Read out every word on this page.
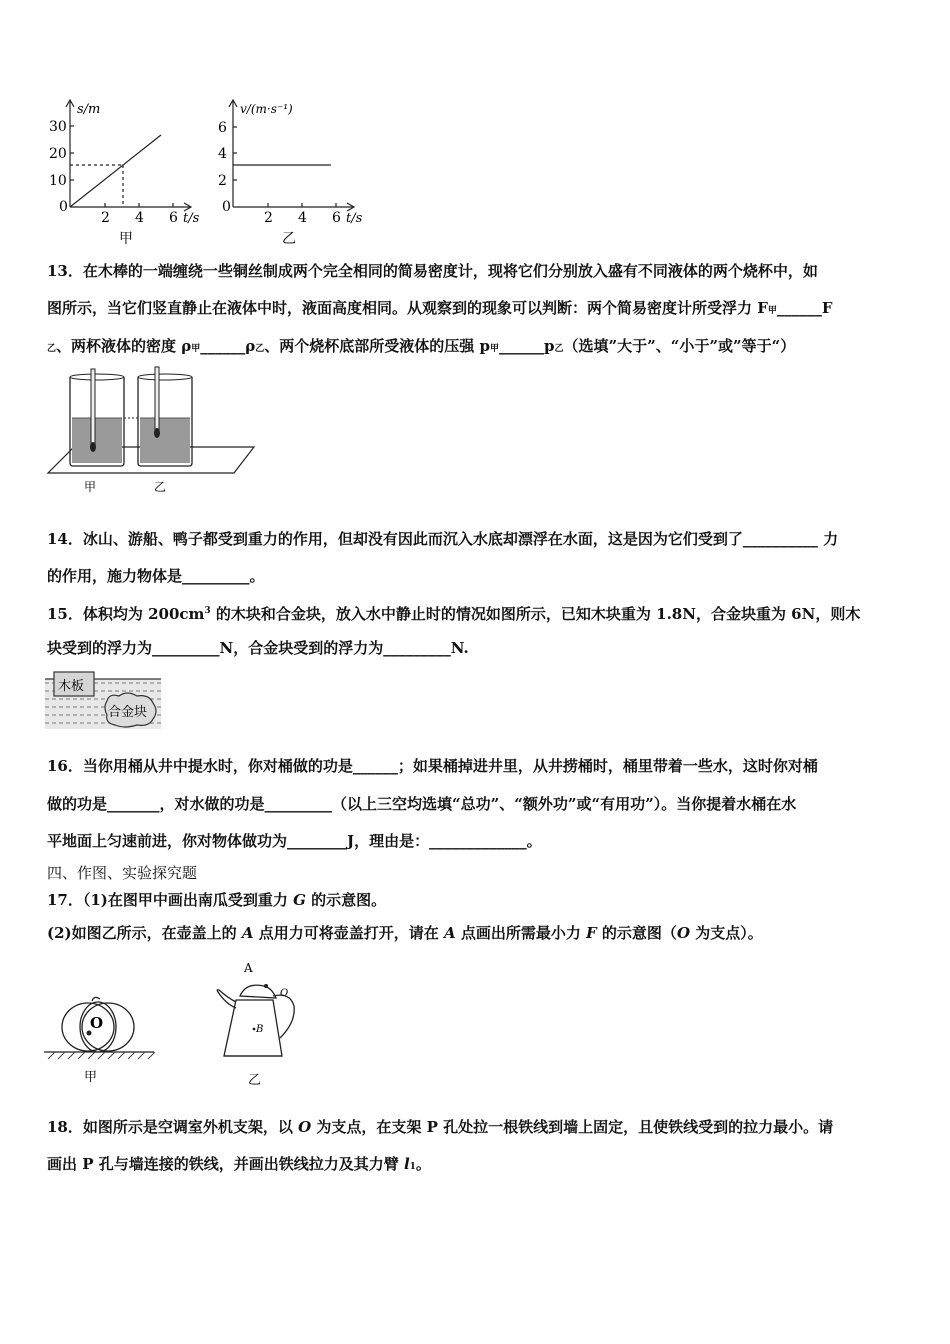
s/m
30
20
10
0
2 4 6 t/s
甲
v/(m·s⁻¹)
6
4
2
0
2 4 6 t/s
乙
13．在木棒的一端缠绕一些铜丝制成两个完全相同的简易密度计，现将它们分别放入盛有不同液体的两个烧杯中，如
图所示，当它们竖直静止在液体中时，液面高度相同。从观察到的现象可以判断：两个简易密度计所受浮力 F甲______F
乙、两杯液体的密度 ρ甲______ρ乙、两个烧杯底部所受液体的压强 p甲______p乙（选填”大于”、“小于”或”等于“）
甲	乙
14．冰山、游船、鸭子都受到重力的作用，但却没有因此而沉入水底却漂浮在水面，这是因为它们受到了__________ 力
的作用，施力物体是_________。
15．体积均为 $200cm^3$ 的木块和合金块，放入水中静止时的情况如图所示，已知木块重为 1.8N，合金块重为 6N，则木
块受到的浮力为_________N，合金块受到的浮力为_________N.
木板
合金块
16．当你用桶从井中提水时，你对桶做的功是______；如果桶掉进井里，从井捞桶时，桶里带着一些水，这时你对桶
做的功是_______，对水做的功是_________（以上三空均选填“总功”、“额外功”或“有用功”）。当你提着水桶在水
平地面上匀速前进，你对物体做功为________J，理由是：_____________。
四、作图、实验探究题
17．（1)在图甲中画出南瓜受到重力 G 的示意图。
(2)如图乙所示，在壶盖上的 A 点用力可将壶盖打开，请在 A 点画出所需最小力 F 的示意图（O 为支点）。
O
甲
A
O
B
乙
18．如图所示是空调室外机支架，以 O 为支点，在支架 P 孔处拉一根铁线到墙上固定，且使铁线受到的拉力最小。请
画出 P 孔与墙连接的铁线，并画出铁线拉力及其力臂 l1。
